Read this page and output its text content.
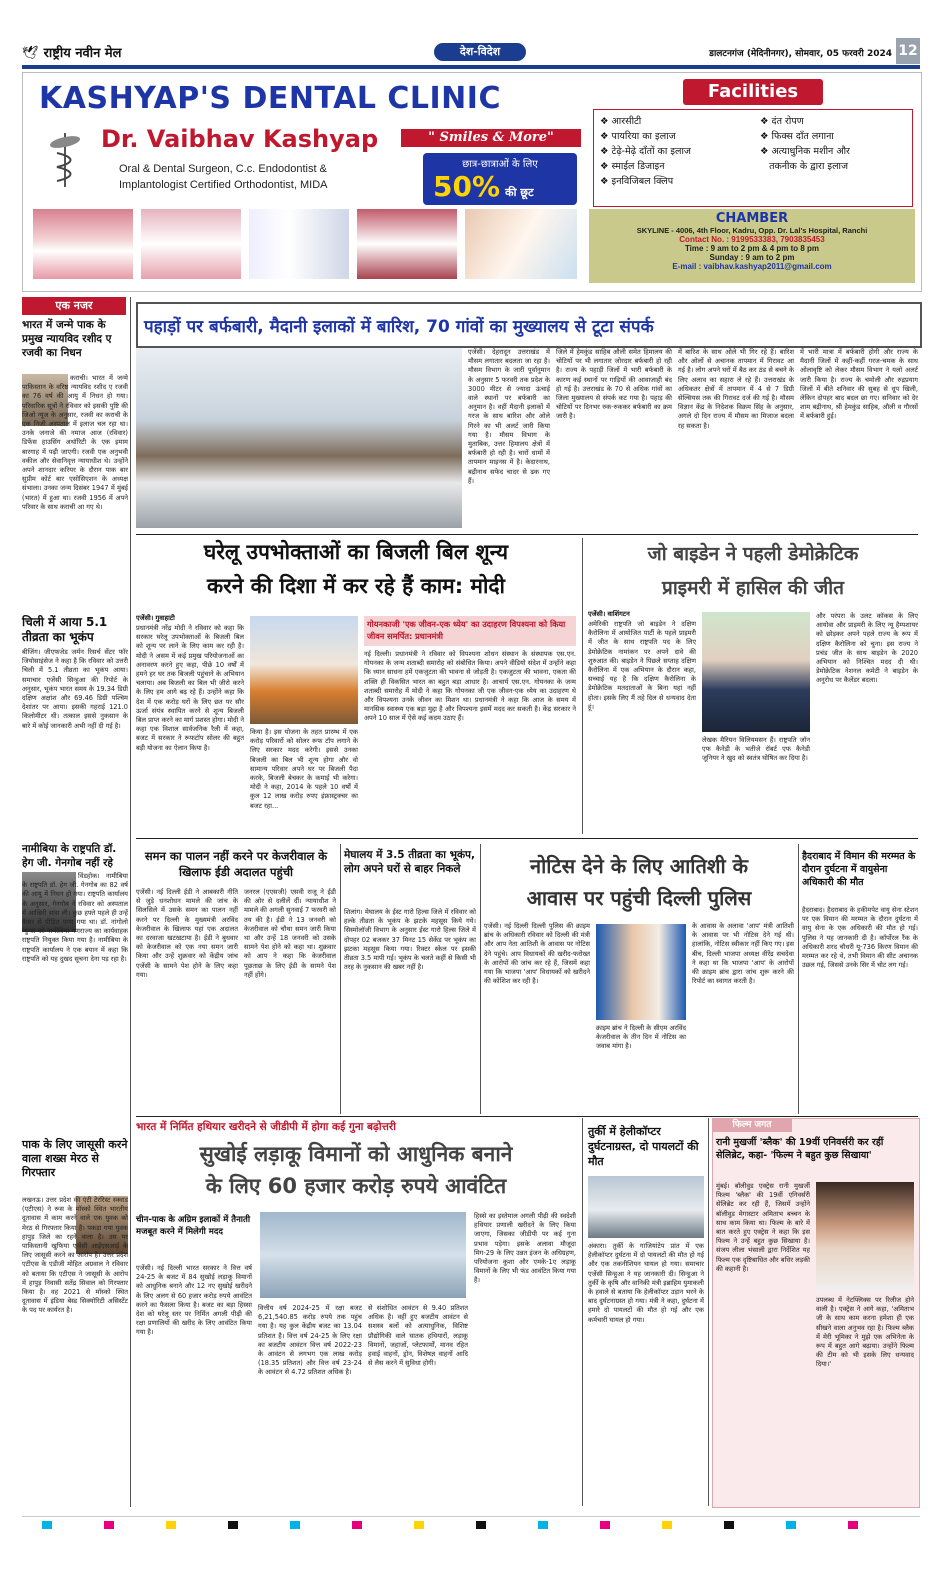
🕊 राष्ट्रीय नवीन मेल	देश-विदेश	डालटनगंज (मेदिनीनगर), सोमवार, 05 फरवरी 2024 12
KASHYAP'S DENTAL CLINIC
Dr. Vaibhav Kashyap	" Smiles & More"
Oral & Dental Surgeon, C.c. Endodontist &
Implantologist Certified Orthodontist, MIDA
छात्र-छात्राओं के लिए
50% की छूट
Facilities
❖ आरसीटी
❖ पायरिया का इलाज
❖ टेढ़े-मेढ़े दाँतों का इलाज
❖ स्माईल डिजाइन
❖ इनविजिबल क्लिप
❖ दंत रोपण
❖ फिक्स दाँत लगाना
❖ अत्याधुनिक मशीन और
तकनीक के द्वारा इलाज
CHAMBER
SKYLINE - 4006, 4th Floor, Kadru, Opp. Dr. Lal's Hospital, Ranchi
Contact No. : 9199533383, 7903835453
Time : 9 am to 2 pm & 4 pm to 8 pm
Sunday : 9 am to 2 pm
E-mail : vaibhav.kashyap2011@gmail.com
एक नजर
भारत में जन्मे पाक के प्रमुख न्यायविद रशीद ए रजवी का निधन
कराची। भारत में जन्मे पाकिस्तान के वरिष्ठ न्यायविद रशीद ए रजवी का 76 वर्ष की आयु में निधन हो गया। परिवारिक सूत्रों ने रविवार को इसकी पुष्टि की जिओ न्यूज के अनुसार, रजवी का कराची के एक निजी अस्पताल में इलाज चल रहा था। उनके जनाजे की नमाज आज (रविवार) डिफेंस हाउसिंग अथॉरिटी के एक इमाम बारगाह में पढ़ी जाएगी। रजवी एक अनुभवी वकील और सेवानिवृत्त न्यायाधीश थे। उन्होंने अपने शानदार करियर के दौरान पाक बार सुप्रीम कोर्ट बार एसोसिएशन के अध्यक्ष संभाला। उनका जन्म दिसंबर 1947 में मुंबई (भारत) में हुआ था। रजवी 1956 में अपने परिवार के साथ कराची आ गए थे।
चिली में आया 5.1 तीव्रता का भूकंप
बीजिंग। जीएफजेड जर्मन रिसर्च सेंटर फॉर जियोसाइंसेज ने कहा है कि रविवार को उत्तरी चिली में 5.1 तीव्रता का भूकंप आया। समाचार एजेंसी सिन्हुआ की रिपोर्ट के अनुसार, भूकंप भारत समय के 19.34 डिग्री दक्षिण अक्षांश और 69.46 डिग्री पश्चिम देशांतर पर आया। इसकी गहराई 121.0 किलोमीटर थी। तत्काल इससे नुकसान के बारे में कोई जानकारी अभी नहीं दी गई है।
नामीबिया के राष्ट्रपति डॉ. हेग जी. गेनगोब नहीं रहे
विंडहोक। नामीबिया के राष्ट्रपति डॉ. हेग जी. गेनगोब का 82 वर्ष की आयु में निधन हो गया। राष्ट्रपति कार्यालय के अनुसार, गेनगोब ने रविवार को अस्पताल में आखिरी सांस ली। कुछ हफ्ते पहले ही उन्हें कैंसर से पीड़ित पाया गया था। डॉ. नांगोलो म्बुम्बा को नामीबिया गणराज्य का कार्यवाहक राष्ट्रपति नियुक्त किया गया है। नामीबिया के राष्ट्रपति कार्यालय ने एक बयान में कहा कि राष्ट्रपति को यह दुखद सूचना देना पड़ रहा है।
पाक के लिए जासूसी करने वाला शख्स मेरठ से गिरफ्तार
लखनऊ। उत्तर प्रदेश की एंटी टेररिस्ट स्क्वाड (एटीएस) ने रूस के मॉस्को स्थित भारतीय दूतावास में काम करने वाले एक युवक को मेरठ से गिरफ्तार किया है। पकड़ा गया युवक हापुड़ जिले का रहने वाला है। उस पर पाकिस्तानी खुफिया एजेंसी आईएसआई के लिए जासूसी करने का आरोप है। उत्तर प्रदेश एटीएस के एडीजी मोहित अग्रवाल ने रविवार को बताया कि एटीएस ने जासूसी के आरोप में हापुड़ निवासी सतेंद्र सिवाल को गिरफ्तार किया है। वह 2021 से मॉस्को स्थित दूतावास में इंडिया बेस्ड सिक्योरिटी असिस्टेंट के पद पर कार्यरत है।
पहाड़ों पर बर्फबारी, मैदानी इलाकों में बारिश, 70 गांवों का मुख्यालय से टूटा संपर्क
एजेंसी। देहरादून उत्तराखंड में मौसम लगातार बदलता जा रहा है। मौसम विभाग के जारी पूर्वानुमान के अनुसार 5 फरवरी तक प्रदेश के 3000 मीटर से ज्यादा ऊंचाई वाले स्थानों पर बर्फबारी का अनुमान है। वहीं मैदानी इलाकों में गरज के साथ बारिश और ओले गिरने का भी अलर्ट जारी किया गया है। मौसम विभाग के मुताबिक, उत्तर हिमालय क्षेत्रों में बर्फबारी हो रही है। चारों धामों में तापमान माइनस में है। केदारनाथ, बद्रीनाथ सफेद चादर से ढक गए हैं।
जिले में हेमकुंड साहिब औली समेत हिमालय की चोटियों पर भी लगातार जोरदार बर्फबारी हो रही है। राज्य के पहाड़ी जिलों में भारी बर्फबारी के कारण कई स्थानों पर गाड़ियों की आवाजाही बंद हो गई है। उत्तराखंड के 70 से अधिक गांवों का जिला मुख्यालय से संपर्क कट गया है। पहाड़ की चोटियों पर दिनभर रुक-रुककर बर्फबारी का क्रम जारी है।
में बारिश के साथ ओले भी गिर रहे हैं। बारिश और ओलों से अचानक तापमान में गिरावट आ गई है। लोग अपने घरों में बैठ कर ठंड से बचने के लिए अलाव का सहारा ले रहे हैं। उत्तराखंड के अधिकतर क्षेत्रों में तापमान में 4 से 7 डिग्री सेल्सियस तक की गिरावट दर्ज की गई है। मौसम विज्ञान केंद्र के निदेशक विक्रम सिंह के अनुसार, अगले दो दिन राज्य में मौसम का मिजाज बदला रह सकता है।
में भारी मात्रा में बर्फबारी होगी और राज्य के मैदानी जिलों में कहीं-कहीं गरज-चमक के साथ ओलावृष्टि को लेकर मौसम विभाग ने यलो अलर्ट जारी किया है। राज्य के चमोली और रुद्रप्रयाग जिलों में बीते शनिवार की सुबह से धूप खिली, लेकिन दोपहर बाद बदल छा गए। सनिवार को देर शाम बद्रीनाथ, श्री हेमकुंड साहिब, औली व गौरसों में बर्फबारी हुई।
घरेलू उपभोक्ताओं का बिजली बिल शून्य
करने की दिशा में कर रहे हैं काम: मोदी
एजेंसी। गुवाहाटी
प्रधानमंत्री नरेंद्र मोदी ने रविवार को कहा कि सरकार घरेलू उपभोक्ताओं के बिजली बिल को शून्य पर लाने के लिए काम कर रही है। मोदी ने असम में कई प्रमुख परियोजनाओं का अनावरण करने हुए कहा, पीछे 10 वर्षों में हमने हर घर तक बिजली पहुंचाने के अभियान चलाया। अब बिजली का बिल भी जीरो करने के लिए हम आगे बढ़ रहे हैं। उन्होंने कहा कि देश में एक करोड़ घरों के लिए छत पर सौर ऊर्जा संयंत्र स्थापित करने से शून्य बिजली बिल प्राप्त करने का मार्ग प्रशस्त होगा। मोदी ने कहा एक विशाल सार्वजनिक रैली में कहा, बजट में सरकार ने रूफटॉप सोलर की बहुत बड़ी योजना का ऐलान किया है।
किया है। इस योजना के तहत प्रारम्भ में एक करोड़ परिवारों को सोलर रूफ टॉप लगाने के लिए सरकार मदद करेगी। इससे उनका बिजली का बिल भी शून्य होगा और वो सामान्य परिवार अपने घर पर बिजली पैदा करके, बिजली बेचकर के कमाई भी करेगा। मोदी ने कहा, 2014 के पहले 10 वर्षों में कुल 12 लाख करोड़ रुपए इंफ्रास्ट्रक्चर का बजट रहा...
गोयनकाजी 'एक जीवन-एक ध्येय' का उदाहरण विपश्यना को किया जीवन समर्पित: प्रधानमंत्री
नई दिल्ली। प्रधानमंत्री ने रविवार को विपश्यना शोधन संस्थान के संस्थापक एस.एन. गोयनका के जन्म शताब्दी समारोह को संबोधित किया। अपने वीडियो संदेश में उन्होंने कहा कि ध्यान साधना हमें एकजुटता की भावना से जोड़ती है। एकजुटता की भावना, एकता की शक्ति ही विकसित भारत का बहुत बड़ा आधार है। आचार्य एस.एन. गोयनका के जन्म शताब्दी समारोह में मोदी ने कहा कि गोयनका जी एक जीवन-एक ध्येय का उदाहरण थे और विपश्यना उनके जीवन का मिशन था। प्रधानमंत्री ने कहा कि आज के समय में मानसिक स्वास्थ्य एक बड़ा मुद्दा है और विपश्यना इसमें मदद कर सकती है। केंद्र सरकार ने अपने 10 साल में ऐसे कई कदम उठाए हैं।
जो बाइडेन ने पहली डेमोक्रेटिक
प्राइमरी में हासिल की जीत
एजेंसी। वाशिंगटन
अमेरिकी राष्ट्रपति जो बाइडेन ने दक्षिण कैरोलिना में आयोजित पार्टी के पहले प्राइमरी में जीत के साथ राष्ट्रपति पद के लिए डेमोक्रेटिक नामांकन पर अपने दावे की शुरुआत की। बाइडेन ने पिछले सप्ताह दक्षिण कैरोलिना में एक अभियान के दौरान कहा, सच्चाई यह है कि दक्षिण कैरोलिना के डेमोक्रेटिक मतदाताओं के बिना यहां नहीं होता। इसके लिए मैं तहे दिल से धन्यवाद देता हूं।
लेखक मैरियन विलियमसन हैं। राष्ट्रपति जॉन एफ कैनेडी के भतीजे रॉबर्ट एफ कैनेडी जूनियर ने खुद को स्वतंत्र घोषित कर दिया है।
और परंपरा के उलट कॉकस के लिए आयोवा और प्राइमरी के लिए न्यू हैम्पशायर को छोड़कर अपने पहले राज्य के रूप में दक्षिण कैरोलिना को चुना। इस राज्य ने प्रचंड जीत के साथ बाइडेन के 2020 अभियान को निश्चित मदद दी थी। डेमोक्रेटिक नेशनल कमेटी ने बाइडेन के अनुरोध पर कैलेंडर बदला।
समन का पालन नहीं करने पर केजरीवाल के खिलाफ ईडी अदालत पहुंची
एजेंसी। नई दिल्ली ईडी ने आबकारी नीति से जुड़े धनशोधन मामले की जांच के सिलसिले में उसके समन का पालन नहीं करने पर दिल्ली के मुख्यमंत्री अरविंद केजरीवाल के खिलाफ यहां एक अदालत का दरवाजा खटखटाया है। ईडी ने बुधवार को केजरीवाल को एक नया समन जारी किया और उन्हें शुक्रवार को केंद्रीय जांच एजेंसी के सामने पेश होने के लिए कहा गया।
जनरल (एएसजी) एसवी राजू ने ईडी की ओर से दलीलें दीं। न्यायाधीश ने मामले की अगली सुनवाई 7 फरवरी को तय की है। ईडी ने 13 जनवरी को केजरीवाल को चौथा समन जारी किया था और उन्हें 18 जनवरी को उसके सामने पेश होने को कहा था। शुक्रवार को आप ने कहा कि केजरीवाल पूछताछ के लिए ईडी के सामने पेश नहीं होंगे।
मेघालय में 3.5 तीव्रता का भूकंप, लोग अपने घरों से बाहर निकले
शिलांग। मेघालय के ईस्ट गारो हिल्स जिले में रविवार को हल्के तीव्रता के भूकंप के झटके महसूस किये गये। सिस्मोलॉजी विभाग के अनुसार ईस्ट गारो हिल्स जिले में दोपहर 02 बजकर 37 मिनट 15 सेकेंड पर भूकंप का झटका महसूस किया गया। रिक्टर स्केल पर इसकी तीव्रता 3.5 मापी गई। भूकंप के चलते कहीं से किसी भी तरह के नुकसान की खबर नहीं है।
नोटिस देने के लिए आतिशी के
आवास पर पहुंची दिल्ली पुलिस
एजेंसी। नई दिल्ली दिल्ली पुलिस की क्राइम ब्रांच के अधिकारी रविवार को दिल्ली की मंत्री और आप नेता आतिशी के आवास पर नोटिस देने पहुंचे। आप विधायकों की खरीद-फरोख्त के आरोपों की जांच कर रहे हैं, जिसमें कहा गया कि भाजपा 'आप' विधायकों को खरीदने की कोशिश कर रही है।
क्राइम ब्रांच ने दिल्ली के सीएम अरविंद केजरीवाल के तीन दिन में नोटिस का जवाब मांगा है।
के आवास के अलावा 'आप' मंत्री आतिशी के आवास पर भी नोटिस देने गई थी। हालांकि, नोटिस स्वीकार नहीं किए गए। इस बीच, दिल्ली भाजपा अध्यक्ष वीरेंद्र सचदेवा ने कहा था कि भाजपा 'आप' के आरोपों की क्राइम ब्रांच द्वारा जांच शुरू करने की रिपोर्ट का स्वागत करती है।
हैदराबाद में विमान की मरम्मत के दौरान दुर्घटना में वायुसेना अधिकारी की मौत
हैदराबाद। हैदराबाद के हकीमपेट वायु सेना स्टेशन पर एक विमान की मरम्मत के दौरान दुर्घटना में वायु सेना के एक अधिकारी की मौत हो गई। पुलिस ने यह जानकारी दी है। कॉर्पोरल रैंक के अधिकारी शरद चौधरी यू-736 किरण विमान की मरम्मत कर रहे थे, तभी विमान की सीट अचानक उछल गई, जिससे उनके सिर में चोट लग गई।
भारत में निर्मित हथियार खरीदने से जीडीपी में होगा कई गुना बढ़ोत्तरी
सुखोई लड़ाकू विमानों को आधुनिक बनाने
के लिए 60 हजार करोड़ रुपये आवंटित
चीन-पाक के अग्रिम इलाकों में तैनाती मजबूत करने में मिलेगी मदद
एजेंसी। नई दिल्ली भारत सरकार ने वित्त वर्ष 24-25 के बजट में 84 सुखोई लड़ाकू विमानों को आधुनिक बनाने और 12 नए सुखोई खरीदने के लिए अलग से 60 हजार करोड़ रुपये आवंटित करने का फैसला किया है। बजट का बड़ा हिस्सा देश को घरेलू स्तर पर निर्मित अगली पीढ़ी की रक्षा प्रणालियों की खरीद के लिए आवंटित किया गया है।
वित्तीय वर्ष 2024-25 में रक्षा बजट 6,21,540.85 करोड़ रुपये तक पहुंच गया है। यह कुल केंद्रीय बजट का 13.04 प्रतिशत है। वित्त वर्ष 24-25 के लिए रक्षा का बजटीय आवंटन वित्त वर्ष 2022-23 के आवंटन से लगभग एक लाख करोड़ (18.35 प्रतिशत) और वित्त वर्ष 23-24 के आवंटन से 4.72 प्रतिशत अधिक है।
से संशोधित आवंटन से 9.40 प्रतिशत अधिक है। वहीं हुए बजटीय आवंटन से सशस्त्र बलों को अत्याधुनिक, विशिष्ट प्रौद्योगिकी वाले घातक हथियारों, लड़ाकू विमानों, जहाजों, प्लेटफार्मों, मानव रहित हवाई वाहनों, ड्रोन, विशेषज्ञ वाहनों आदि से लैस करने में सुविधा होगी।
हिस्से का इस्तेमाल अगली पीढ़ी की स्वदेशी हथियार प्रणाली खरीदने के लिए किया जाएगा, जिसका जीडीपी पर कई गुना प्रभाव पड़ेगा। इसके अलावा मौजूदा मिग-29 के लिए उन्नत इंजन के अधिग्रहण, परियोजना कुशा और एमके-1ए लड़ाकू विमानों के लिए भी फंड आवंटित किया गया है।
तुर्की में हेलीकॉप्टर दुर्घटनाग्रस्त, दो पायलटों की मौत
अंकारा। तुर्की के गाजियांटेप प्रांत में एक हेलीकॉप्टर दुर्घटना में दो पायलटों की मौत हो गई और एक तकनीशियन घायल हो गया। समाचार एजेंसी सिन्हुआ ने यह जानकारी दी। सिन्हुआ ने तुर्की के कृषि और वानिकी मंत्री इब्राहिम युमाकली के हवाले से बताया कि हेलीकॉप्टर उड़ान भरने के बाद दुर्घटनाग्रस्त हो गया। मंत्री ने कहा, दुर्घटना में हमारे दो पायलटों की मौत हो गई और एक कर्मचारी घायल हो गया।
फिल्म जगत
रानी मुखर्जी 'ब्लैक' की 19वीं एनिवर्सरी कर रहीं सेलिब्रेट, कहा- 'फिल्म ने बहुत कुछ सिखाया'
मुंबई। बॉलीवुड एक्ट्रेस रानी मुखर्जी फिल्म 'ब्लैक' की 19वीं एनिवर्सरी सेलिब्रेट कर रही हैं, जिसमें उन्होंने बॉलीवुड मेगास्टार अमिताभ बच्चन के साथ काम किया था। फिल्म के बारे में बात करते हुए एक्ट्रेस ने कहा कि इस फिल्म ने उन्हें बहुत कुछ सिखाया है। संजय लीला भंसाली द्वारा निर्देशित यह फिल्म एक दृष्टिबाधित और बधिर लड़की की कहानी है।
उपलब्ध में नेटफ्लिक्स पर रिलीज होने वाली है। एक्ट्रेस ने आगे कहा, 'अमिताभ जी के साथ काम करना हमेशा ही एक सीखने वाला अनुभव रहा है। फिल्म ब्लैक में मेरी भूमिका ने मुझे एक अभिनेता के रूप में बहुत आगे बढ़ाया। उन्होंने फिल्म की टीम को भी इसके लिए धन्यवाद दिया।'
